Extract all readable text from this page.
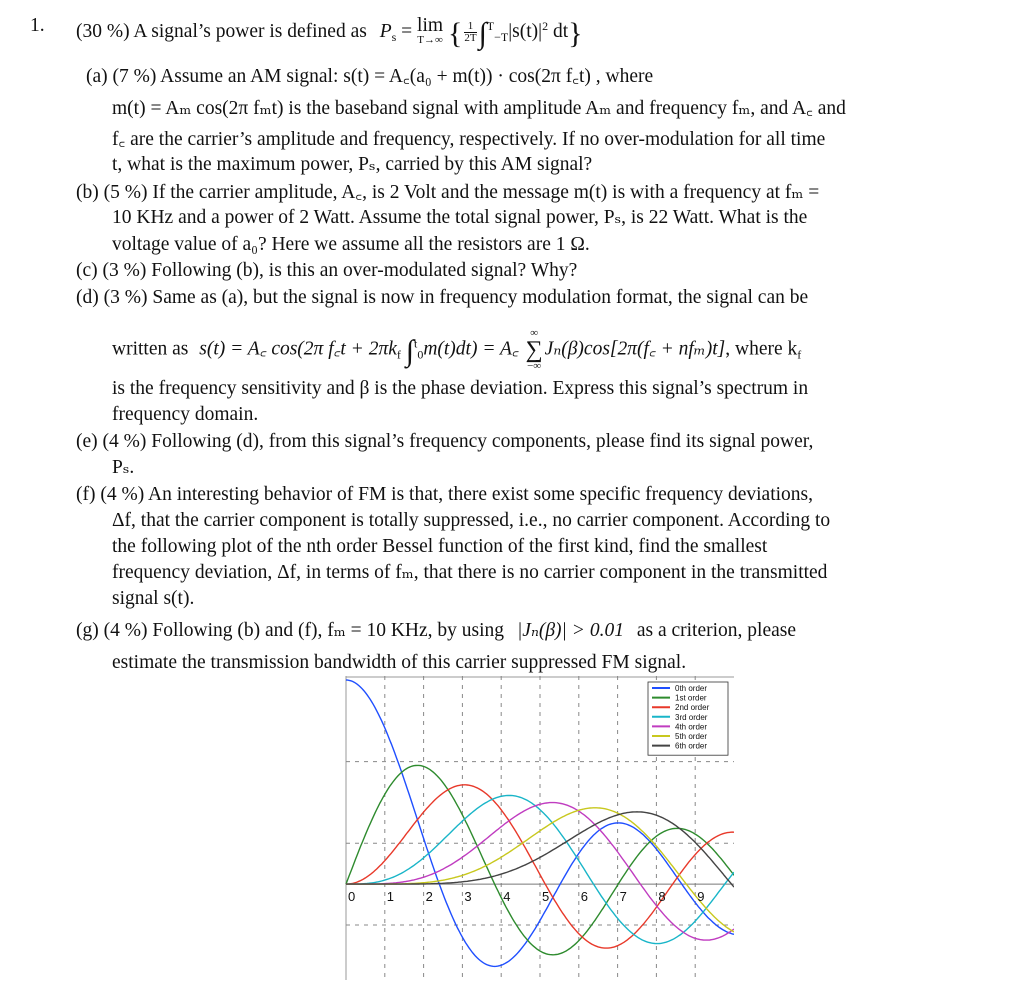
1. (30 %) A signal’s power is defined as $P_s = \lim$
T→∞ { $\frac{1}{2T} \int^T_{-T}|s(t)|^2$ dt}
(a) (7 %) Assume an AM signal: s(t) = A꜀(a₀ + m(t)) · cos(2π f꜀t) , where
m(t) = Aₘ cos(2π fₘt) is the baseband signal with amplitude Aₘ and frequency fₘ, and A꜀ and
f꜀ are the carrier’s amplitude and frequency, respectively. If no over-modulation for all time
t, what is the maximum power, Pₛ, carried by this AM signal?
(b) (5 %) If the carrier amplitude, A꜀, is 2 Volt and the message m(t) is with a frequency at fₘ =
10 KHz and a power of 2 Watt. Assume the total signal power, Pₛ, is 22 Watt. What is the
voltage value of a₀? Here we assume all the resistors are 1 Ω.
(c) (3 %) Following (b), is this an over-modulated signal? Why?
(d) (3 %) Same as (a), but the signal is now in frequency modulation format, the signal can be
written as s(t) = A꜀ cos(2π f꜀t + $2\pi k_f$ ∫$^t_0$m(t)dt) = A꜀
∞
∑
−∞
Jₙ(β)cos[2π(f꜀ + nfₘ)t], where $k_f$
is the frequency sensitivity and β is the phase deviation. Express this signal’s spectrum in
frequency domain.
(e) (4 %) Following (d), from this signal’s frequency components, please find its signal power,
Pₛ.
(f) (4 %) An interesting behavior of FM is that, there exist some specific frequency deviations,
Δf, that the carrier component is totally suppressed, i.e., no carrier component. According to
the following plot of the nth order Bessel function of the first kind, find the smallest
frequency deviation, Δf, in terms of fₘ, that there is no carrier component in the transmitted
signal s(t).
(g) (4 %) Following (b) and (f), fₘ = 10 KHz, by using |Jₙ(β)| > 0.01 as a criterion, please
estimate the transmission bandwidth of this carrier suppressed FM signal.
0 1 2 3 4 5 6 7 8 9
0th order
1st order
2nd order
3rd order
4th order
5th order
6th order
